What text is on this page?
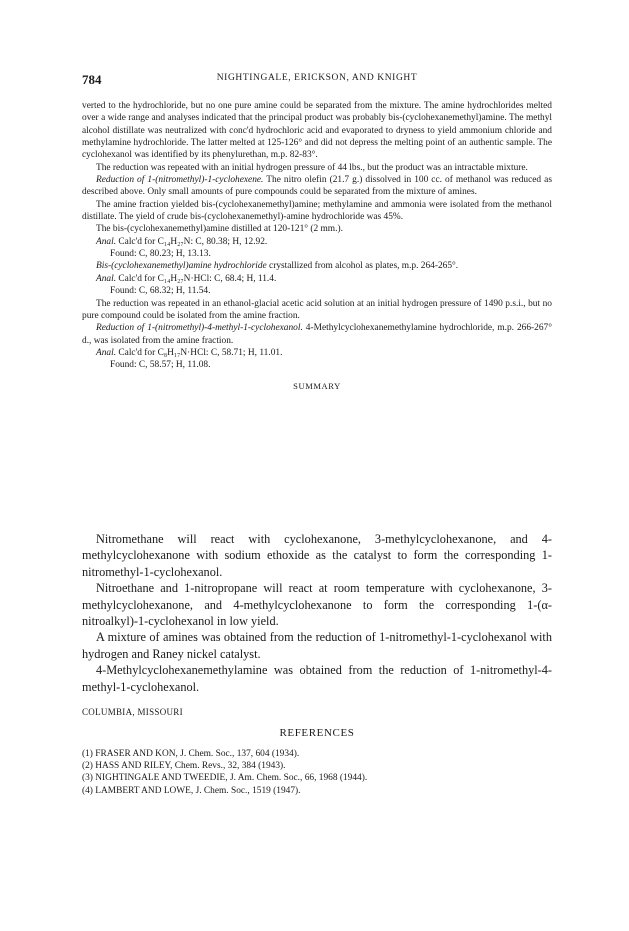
784	NIGHTINGALE, ERICKSON, AND KNIGHT

verted to the hydrochloride, but no one pure amine could be separated from the mixture. The amine hydrochlorides melted over a wide range and analyses indicated that the principal product was probably bis-(cyclohexanemethyl)amine. The methyl alcohol distillate was neutralized with conc'd hydrochloric acid and evaporated to dryness to yield ammonium chloride and methylamine hydrochloride. The latter melted at 125-126° and did not depress the melting point of an authentic sample. The cyclohexanol was identified by its phenylurethan, m.p. 82-83°.

The reduction was repeated with an initial hydrogen pressure of 44 lbs., but the product was an intractable mixture.

Reduction of 1-(nitromethyl)-1-cyclohexene. The nitro olefin (21.7 g.) dissolved in 100 cc. of methanol was reduced as described above. Only small amounts of pure compounds could be separated from the mixture of amines.

The amine fraction yielded bis-(cyclohexanemethyl)amine; methylamine and ammonia were isolated from the methanol distillate. The yield of crude bis-(cyclohexanemethyl)-amine hydrochloride was 45%.

The bis-(cyclohexanemethyl)amine distilled at 120-121° (2 mm.).

Anal. Calc'd for C₁₄H₂₇N: C, 80.38; H, 12.92.

Found: C, 80.23; H, 13.13.

Bis-(cyclohexanemethyl)amine hydrochloride crystallized from alcohol as plates, m.p. 264-265°.

Anal. Calc'd for C₁₄H₂₇N·HCl: C, 68.4; H, 11.4.

Found: C, 68.32; H, 11.54.

The reduction was repeated in an ethanol-glacial acetic acid solution at an initial hydrogen pressure of 1490 p.s.i., but no pure compound could be isolated from the amine fraction.

Reduction of 1-(nitromethyl)-4-methyl-1-cyclohexanol. 4-Methylcyclohexanemethylamine hydrochloride, m.p. 266-267° d., was isolated from the amine fraction.

Anal. Calc'd for C₈H₁₇N·HCl: C, 58.71; H, 11.01.

Found: C, 58.57; H, 11.08.

SUMMARY

Nitromethane will react with cyclohexanone, 3-methylcyclohexanone, and 4-methylcyclohexanone with sodium ethoxide as the catalyst to form the corresponding 1-nitromethyl-1-cyclohexanol.

Nitroethane and 1-nitropropane will react at room temperature with cyclohexanone, 3-methylcyclohexanone, and 4-methylcyclohexanone to form the corresponding 1-(α-nitroalkyl)-1-cyclohexanol in low yield.

A mixture of amines was obtained from the reduction of 1-nitromethyl-1-cyclohexanol with hydrogen and Raney nickel catalyst.

4-Methylcyclohexanemethylamine was obtained from the reduction of 1-nitromethyl-4-methyl-1-cyclohexanol.

COLUMBIA, MISSOURI
REFERENCES

(1) FRASER AND KON, J. Chem. Soc., 137, 604 (1934).

(2) HASS AND RILEY, Chem. Revs., 32, 384 (1943).

(3) NIGHTINGALE AND TWEEDIE, J. Am. Chem. Soc., 66, 1968 (1944).

(4) LAMBERT AND LOWE, J. Chem. Soc., 1519 (1947).
